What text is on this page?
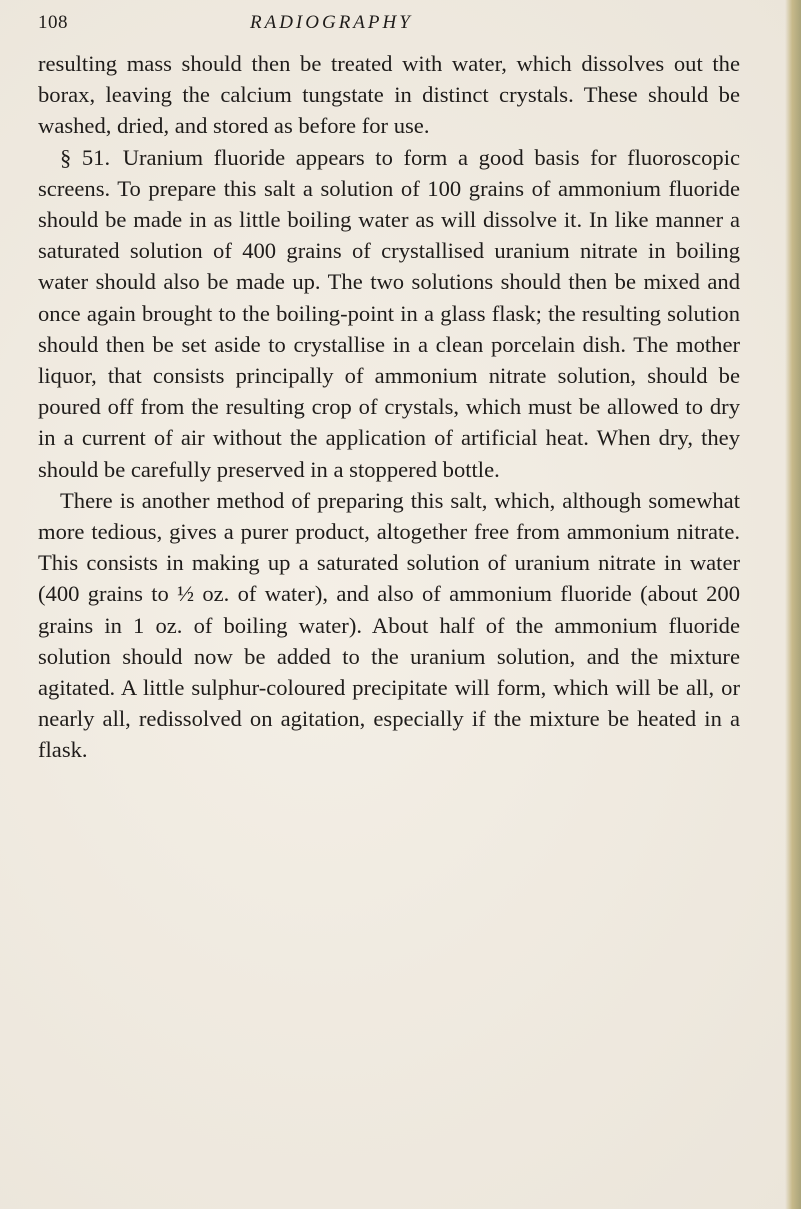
108	RADIOGRAPHY

resulting mass should then be treated with water, which dissolves out the borax, leaving the calcium tungstate in distinct crystals. These should be washed, dried, and stored as before for use.

§ 51. Uranium fluoride appears to form a good basis for fluoroscopic screens. To prepare this salt a solution of 100 grains of ammonium fluoride should be made in as little boiling water as will dissolve it. In like manner a saturated solution of 400 grains of crystallised uranium nitrate in boiling water should also be made up. The two solutions should then be mixed and once again brought to the boiling-point in a glass flask; the resulting solution should then be set aside to crystallise in a clean porcelain dish. The mother liquor, that consists principally of ammonium nitrate solution, should be poured off from the resulting crop of crystals, which must be allowed to dry in a current of air without the application of artificial heat. When dry, they should be carefully preserved in a stoppered bottle.

There is another method of preparing this salt, which, although somewhat more tedious, gives a purer product, altogether free from ammonium nitrate. This consists in making up a saturated solution of uranium nitrate in water (400 grains to ½ oz. of water), and also of ammonium fluoride (about 200 grains in 1 oz. of boiling water). About half of the ammonium fluoride solution should now be added to the uranium solution, and the mixture agitated. A little sulphur-coloured precipitate will form, which will be all, or nearly all, redissolved on agitation, especially if the mixture be heated in a flask.
